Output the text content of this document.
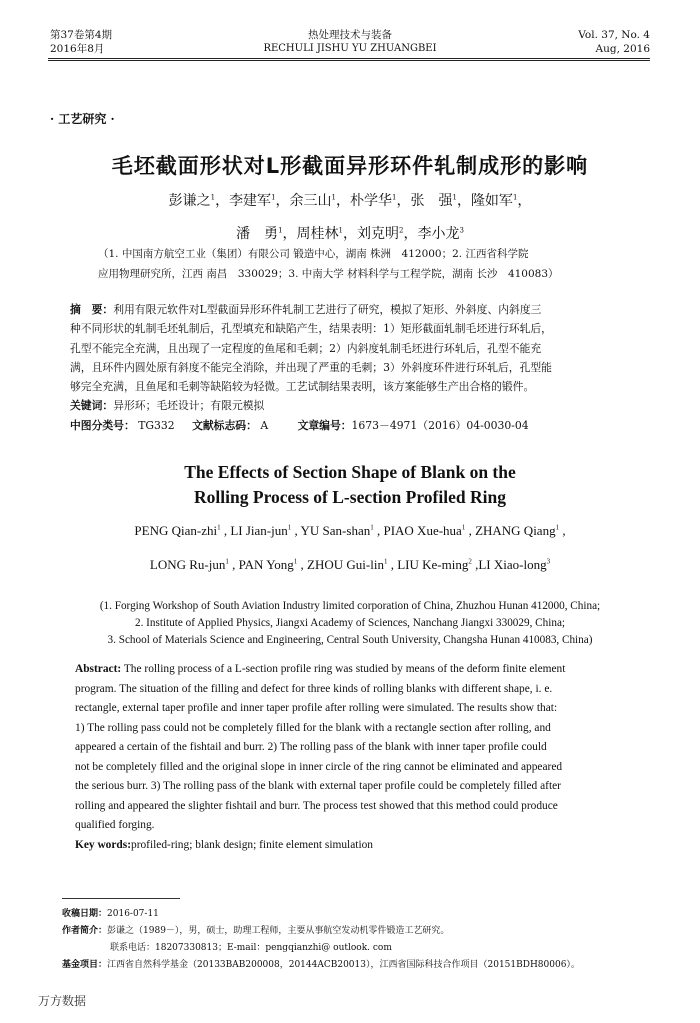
第37卷第4期
2016年8月
热处理技术与装备
RECHULI JISHU YU ZHUANGBEI
Vol. 37, No. 4
Aug, 2016
· 工艺研究 ·
毛坯截面形状对L形截面异形环件轧制成形的影响
彭谦之$^1$，李建军$^1$，余三山$^1$，朴学华$^1$，张　强$^1$，隆如军$^1$，
潘　勇$^1$，周桂林$^1$，刘克明$^2$，李小龙$^3$
（1. 中国南方航空工业（集团）有限公司 锻造中心，湖南 株洲　412000；2. 江西省科学院
应用物理研究所，江西 南昌　330029；3. 中南大学 材料科学与工程学院，湖南 长沙　410083）
摘　要：利用有限元软件对L型截面异形环件轧制工艺进行了研究，模拟了矩形、外斜度、内斜度三
种不同形状的轧制毛坯轧制后，孔型填充和缺陷产生，结果表明：1）矩形截面轧制毛坯进行环轧后，
孔型不能完全充满，且出现了一定程度的鱼尾和毛刺；2）内斜度轧制毛坯进行环轧后，孔型不能充
满，且环件内圆处原有斜度不能完全消除，并出现了严重的毛刺；3）外斜度环件进行环轧后，孔型能
够完全充满，且鱼尾和毛刺等缺陷较为轻微。工艺试制结果表明，该方案能够生产出合格的锻件。
关键词：异形环；毛坯设计；有限元模拟
中图分类号： TG332 文献标志码： A	文章编号：1673－4971（2016）04-0030-04
The Effects of Section Shape of Blank on the
Rolling Process of L-section Profiled Ring
PENG Qian-zhi$^1$ , LI Jian-jun$^1$ , YU San-shan$^1$ , PIAO Xue-hua$^1$ , ZHANG Qiang$^1$ ,
LONG Ru-jun$^1$ , PAN Yong$^1$ , ZHOU Gui-lin$^1$ , LIU Ke-ming$^2$ ,LI Xiao-long$^3$
(1. Forging Workshop of South Aviation Industry limited corporation of China, Zhuzhou Hunan 412000, China;
2. Institute of Applied Physics, Jiangxi Academy of Sciences, Nanchang Jiangxi 330029, China;
3. School of Materials Science and Engineering, Central South University, Changsha Hunan 410083, China)
Abstract: The rolling process of a L-section profile ring was studied by means of the deform finite element
program. The situation of the filling and defect for three kinds of rolling blanks with different shape, i. e.
rectangle, external taper profile and inner taper profile after rolling were simulated. The results show that:
1) The rolling pass could not be completely filled for the blank with a rectangle section after rolling, and
appeared a certain of the fishtail and burr. 2) The rolling pass of the blank with inner taper profile could
not be completely filled and the original slope in inner circle of the ring cannot be eliminated and appeared
the serious burr. 3) The rolling pass of the blank with external taper profile could be completely filled after
rolling and appeared the slighter fishtail and burr. The process test showed that this method could produce
qualified forging.
Key words:profiled-ring; blank design; finite element simulation
收稿日期：2016-07-11
作者简介：彭谦之（1989－），男，硕士，助理工程师，主要从事航空发动机零件锻造工艺研究。
联系电话：18207330813；E-mail：pengqianzhi@ outlook. com
基金项目：江西省自然科学基金（20133BAB200008，20144ACB20013），江西省国际科技合作项目（20151BDH80006）。
万方数据
